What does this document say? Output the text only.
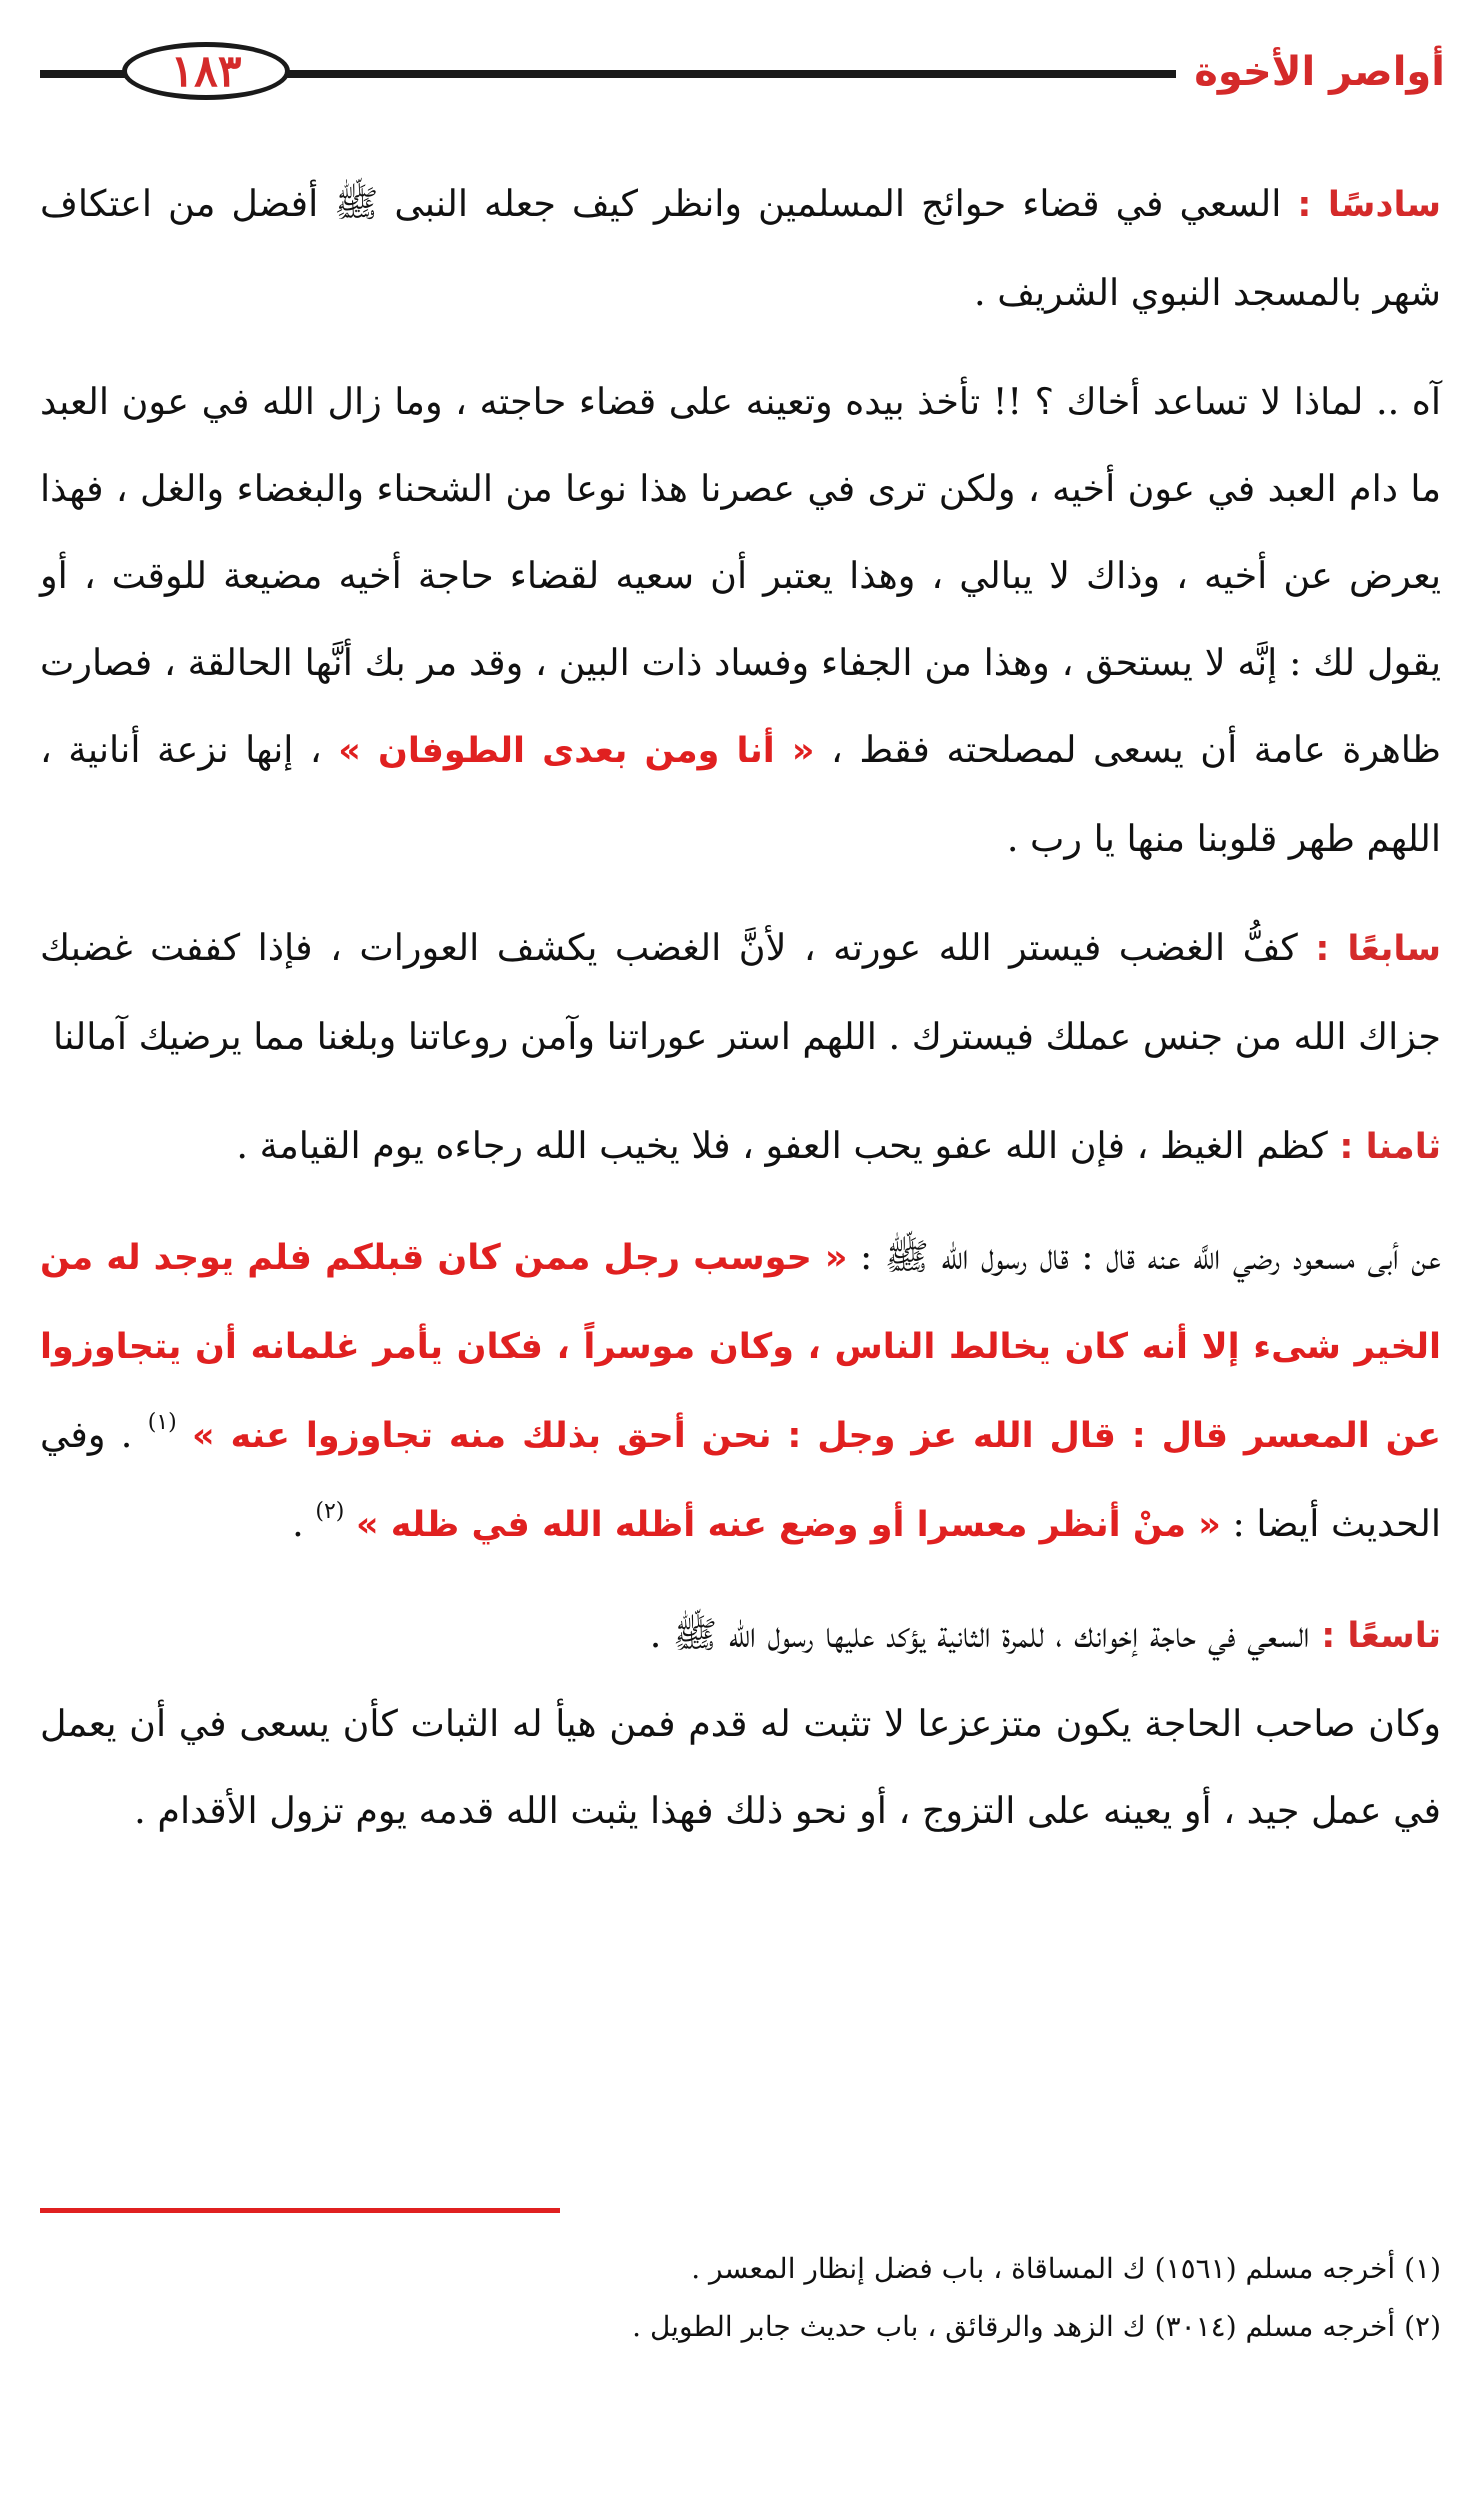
١٨٣	أواصر الأخوة

سادسًا : السعي في قضاء حوائج المسلمين وانظر كيف جعله النبى ﷺ أفضل من اعتكاف شهر بالمسجد النبوي الشريف .

آه .. لماذا لا تساعد أخاك ؟ !! تأخذ بيده وتعينه على قضاء حاجته ، وما زال الله في عون العبد ما دام العبد في عون أخيه ، ولكن ترى في عصرنا هذا نوعا من الشحناء والبغضاء والغل ، فهذا يعرض عن أخيه ، وذاك لا يبالي ، وهذا يعتبر أن سعيه لقضاء حاجة أخيه مضيعة للوقت ، أو يقول لك : إنَّه لا يستحق ، وهذا من الجفاء وفساد ذات البين ، وقد مر بك أنَّها الحالقة ، فصارت ظاهرة عامة أن يسعى لمصلحته فقط ، « أنا ومن بعدى الطوفان » ، إنها نزعة أنانية ، اللهم طهر قلوبنا منها يا رب .

سابعًا : كفُّ الغضب فيستر الله عورته ، لأنَّ الغضب يكشف العورات ، فإذا كففت غضبك جزاك الله من جنس عملك فيسترك . اللهم استر عوراتنا وآمن روعاتنا وبلغنا مما يرضيك آمالنا

ثامنا : كظم الغيظ ، فإن الله عفو يحب العفو ، فلا يخيب الله رجاءه يوم القيامة .

عن أبى مسعود رضي اللَّه عنه قال : قال رسول الله ﷺ : « حوسب رجل ممن كان قبلكم فلم يوجد له من الخير شىء إلا أنه كان يخالط الناس ، وكان موسراً ، فكان يأمر غلمانه أن يتجاوزوا عن المعسر قال : قال الله عز وجل : نحن أحق بذلك منه تجاوزوا عنه » $^{(١)}$ . وفي الحديث أيضا : « منْ أنظر معسرا أو وضع عنه أظله الله في ظله » $^{(٢)}$ .

تاسعًا : السعي في حاجة إخوانك ، للمرة الثانية يؤكد عليها رسول الله ﷺ .
وكان صاحب الحاجة يكون متزعزعا لا تثبت له قدم فمن هيأ له الثبات كأن يسعى في أن يعمل في عمل جيد ، أو يعينه على التزوج ، أو نحو ذلك فهذا يثبت الله قدمه يوم تزول الأقدام .

(١) أخرجه مسلم (١٥٦١) ك المساقاة ، باب فضل إنظار المعسر .

(٢) أخرجه مسلم (٣٠١٤) ك الزهد والرقائق ، باب حديث جابر الطويل .
